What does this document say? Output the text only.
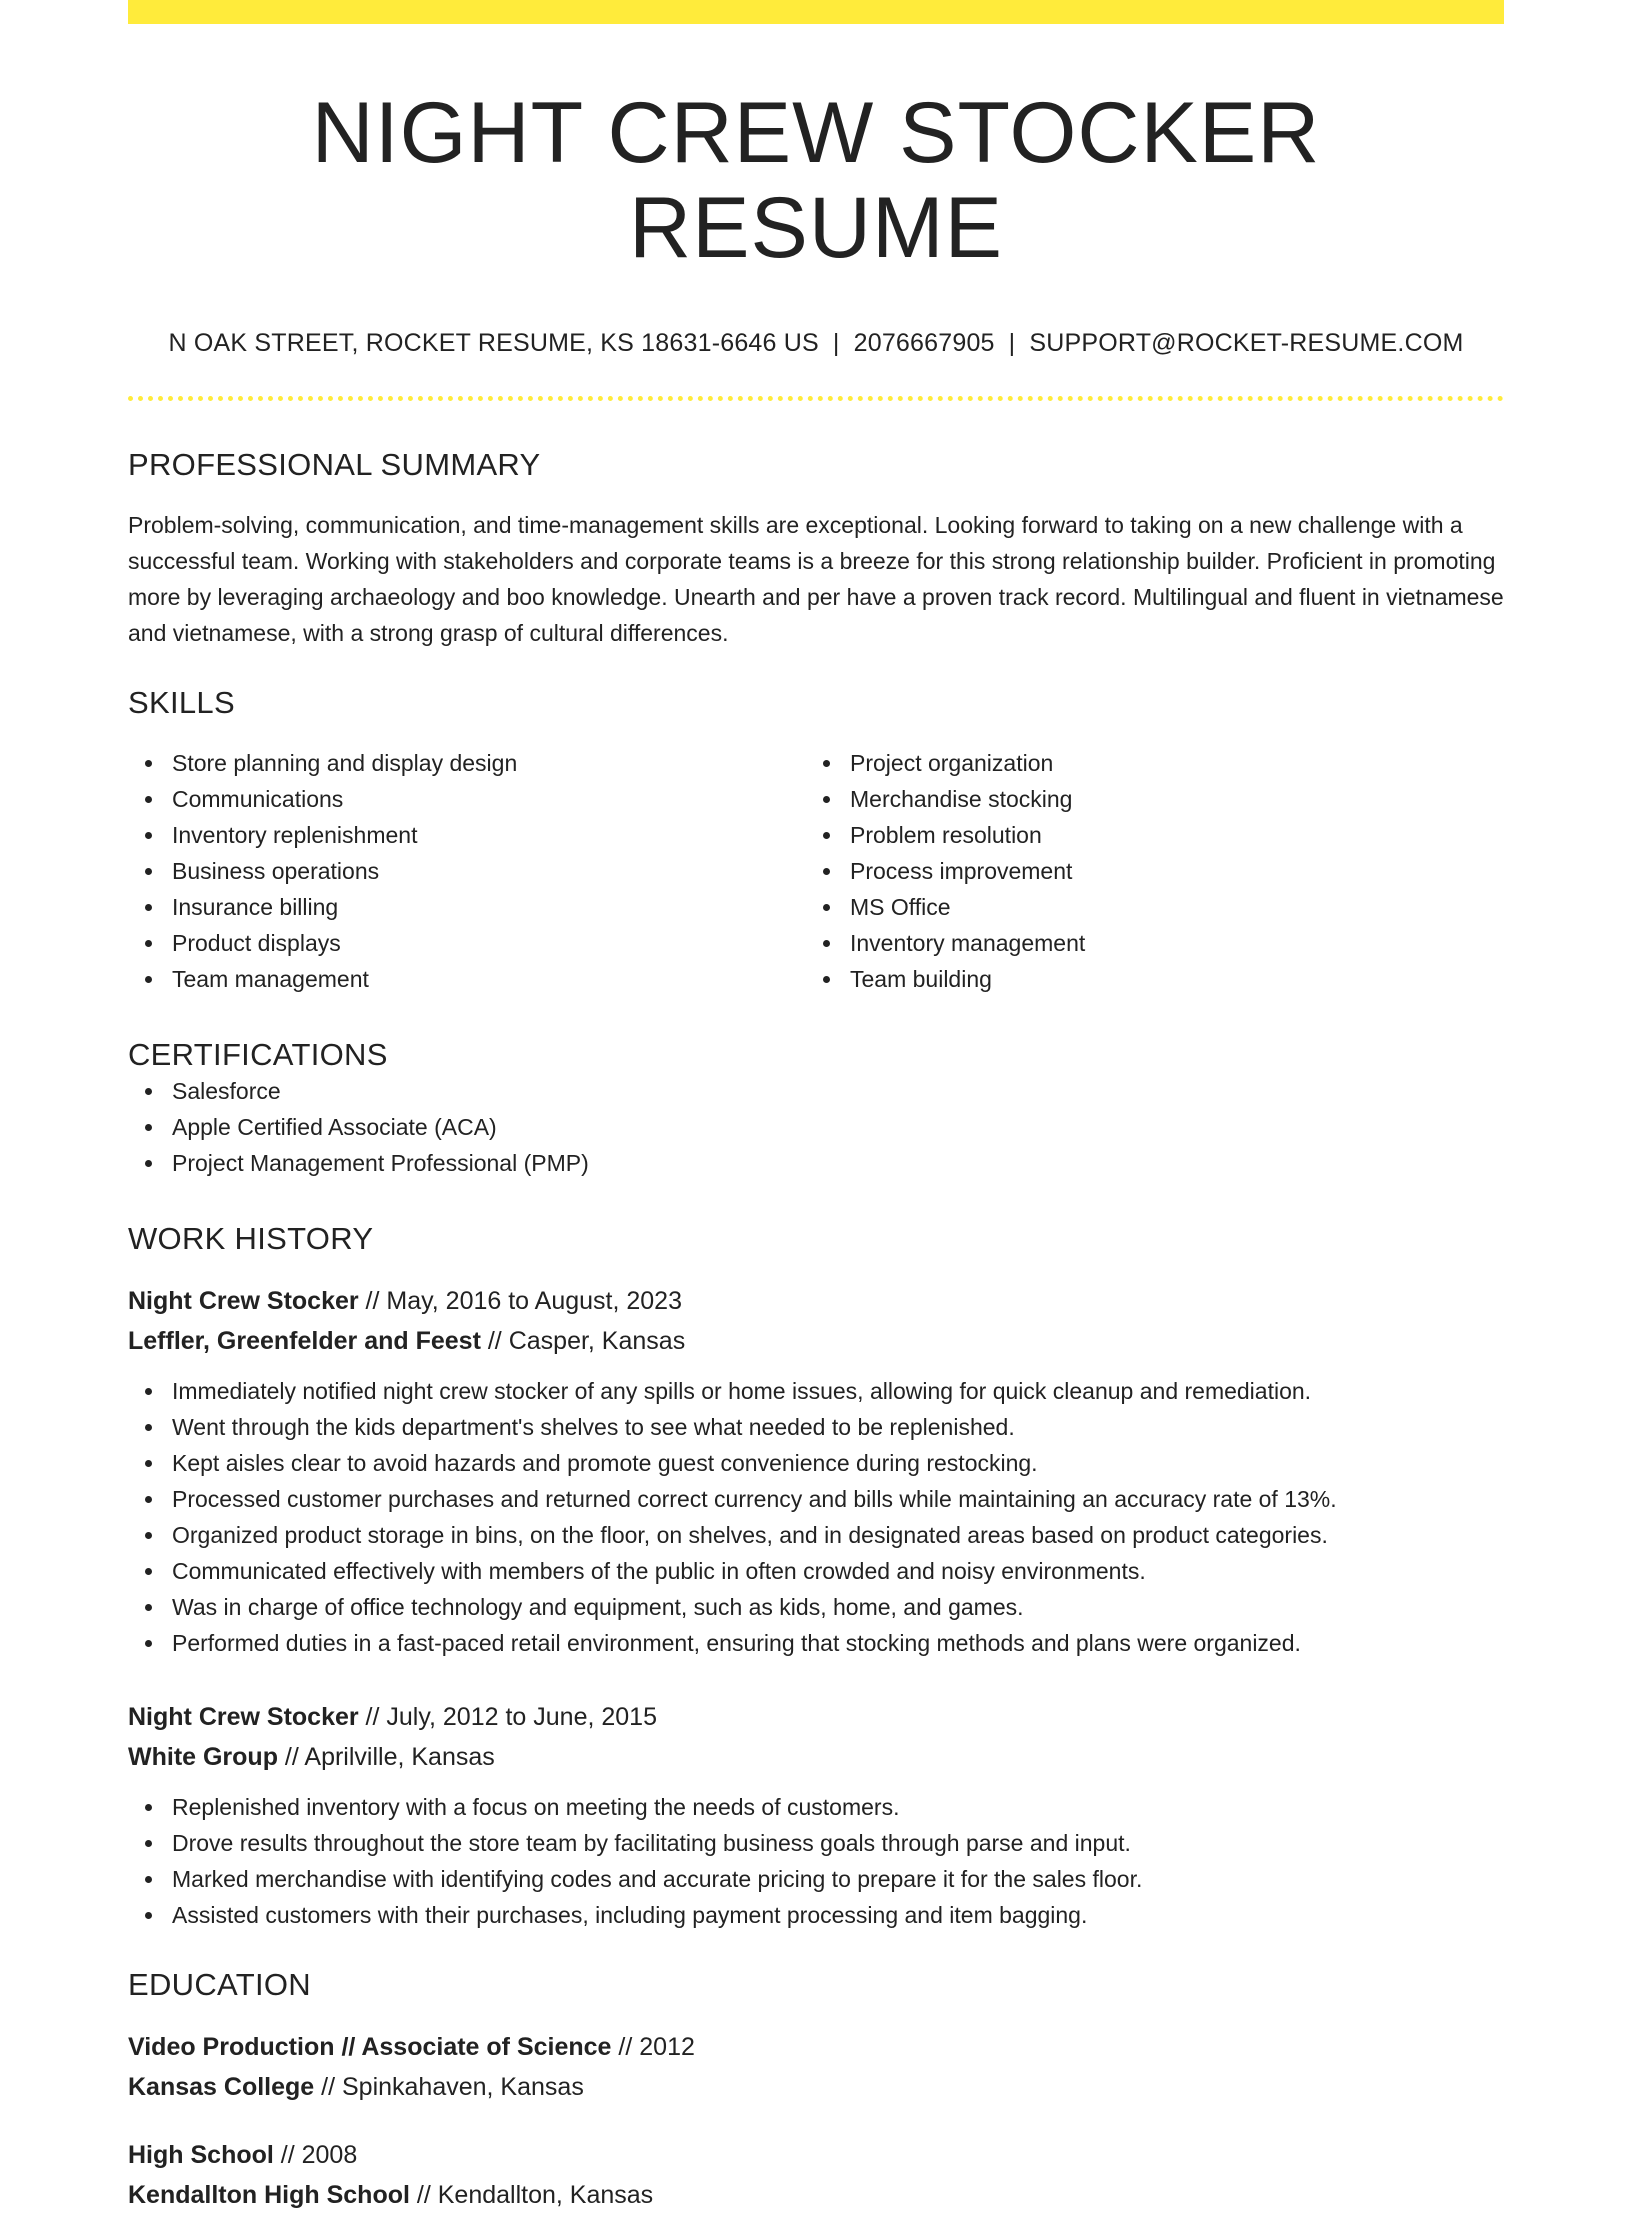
NIGHT CREW STOCKER RESUME
N OAK STREET, ROCKET RESUME, KS 18631-6646 US | 2076667905 | SUPPORT@ROCKET-RESUME.COM
PROFESSIONAL SUMMARY

Problem-solving, communication, and time-management skills are exceptional. Looking forward to taking on a new challenge with a successful team. Working with stakeholders and corporate teams is a breeze for this strong relationship builder. Proficient in promoting more by leveraging archaeology and boo knowledge. Unearth and per have a proven track record. Multilingual and fluent in vietnamese and vietnamese, with a strong grasp of cultural differences.

SKILLS
Store planning and display design
Communications
Inventory replenishment
Business operations
Insurance billing
Product displays
Team management
Project organization
Merchandise stocking
Problem resolution
Process improvement
MS Office
Inventory management
Team building
CERTIFICATIONS
Salesforce
Apple Certified Associate (ACA)
Project Management Professional (PMP)
WORK HISTORY
Night Crew Stocker // May, 2016 to August, 2023
Leffler, Greenfelder and Feest // Casper, Kansas
Immediately notified night crew stocker of any spills or home issues, allowing for quick cleanup and remediation.
Went through the kids department's shelves to see what needed to be replenished.
Kept aisles clear to avoid hazards and promote guest convenience during restocking.
Processed customer purchases and returned correct currency and bills while maintaining an accuracy rate of 13%.
Organized product storage in bins, on the floor, on shelves, and in designated areas based on product categories.
Communicated effectively with members of the public in often crowded and noisy environments.
Was in charge of office technology and equipment, such as kids, home, and games.
Performed duties in a fast-paced retail environment, ensuring that stocking methods and plans were organized.
Night Crew Stocker // July, 2012 to June, 2015
White Group // Aprilville, Kansas
Replenished inventory with a focus on meeting the needs of customers.
Drove results throughout the store team by facilitating business goals through parse and input.
Marked merchandise with identifying codes and accurate pricing to prepare it for the sales floor.
Assisted customers with their purchases, including payment processing and item bagging.
EDUCATION
Video Production // Associate of Science // 2012
Kansas College // Spinkahaven, Kansas
High School // 2008
Kendallton High School // Kendallton, Kansas
